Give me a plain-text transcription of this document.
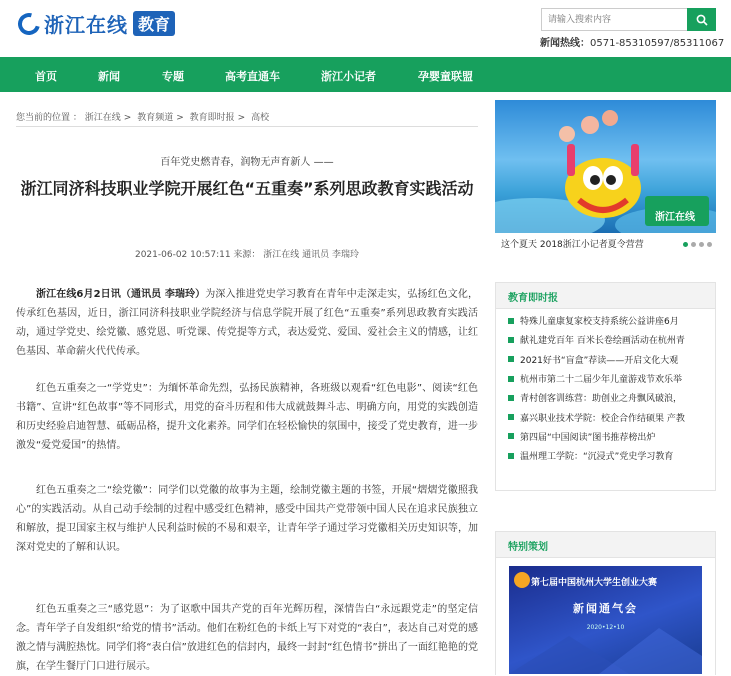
浙江在线 教育
请输入搜索内容
新闻热线：0571-85310597/85311067
首页	新闻	专题	高考直通车	浙江小记者	孕婴童联盟
您当前的位置 ： 浙江在线 > 教育频道 > 教育即时报 > 高校
百年党史燃青春，润物无声育新人 ——
浙江同济科技职业学院开展红色“五重奏”系列思政教育实践活动
2021-06-02 10:57:11 来源： 浙江在线 通讯员 李瑞玲
浙江在线6月2日讯（通讯员 李瑞玲）为深入推进党史学习教育在青年中走深走实，弘扬红色文化，传承红色基因，近日，浙江同济科技职业学院经济与信息学院开展了红色“五重奏”系列思政教育实践活动，通过学党史、绘党徽、感党恩、听党课、传党提等方式，表达爱党、爱国、爱社会主义的情感，让红色基因、革命薪火代代传承。
红色五重奏之一“学党史”：为缅怀革命先烈，弘扬民族精神，各班级以观看“红色电影”、阅读“红色书籍”、宣讲“红色故事”等不同形式，用党的奋斗历程和伟大成就鼓舞斗志、明确方向，用党的实践创造和历史经验启迪智慧、砥砺品格，提升文化素养。同学们在轻松愉快的氛围中，接受了党史教育，进一步激发“爱党爱国”的热情。
红色五重奏之二“绘党徽”：同学们以党徽的故事为主题，绘制党徽主题的书签，开展“熠熠党徽照我心”的实践活动。从自己动手绘制的过程中感受红色精神，感受中国共产党带领中国人民在追求民族独立和解放，提卫国家主权与维护人民利益时候的不易和艰辛，让青年学子通过学习党徽相关历史知识等，加深对党史的了解和认识。
红色五重奏之三“感党恩”：为了讴歌中国共产党的百年光辉历程，深情告白“永远跟党走”的坚定信念。青年学子自发组织“给党的情书”活动。他们在粉红色的卡纸上写下对党的“表白”，表达自己对党的感激之情与满腔热忱。同学们将“表白信”放进红色的信封内，最终一封封“红色情书”拼出了一面红艳艳的党旗，在学生餐厅门口进行展示。
浙江在线
这个夏天 2018浙江小记者夏令营营
教育即时报
特殊儿童康复家校支持系统公益讲座6月
献礼建党百年 百米长卷绘画活动在杭州青
2021好书“盲盒”荐读——开启文化大观
杭州市第二十二届少年儿童游戏节欢乐举
青村创客训练营：助创业之舟飘风破浪，
嘉兴职业技术学院：校企合作结硕果 产教
第四届“中国阅读”图书推荐榜出炉
温州理工学院：“沉浸式”党史学习教育
特别策划
第七届中国杭州大学生创业大赛
新闻通气会
2020•12•10
